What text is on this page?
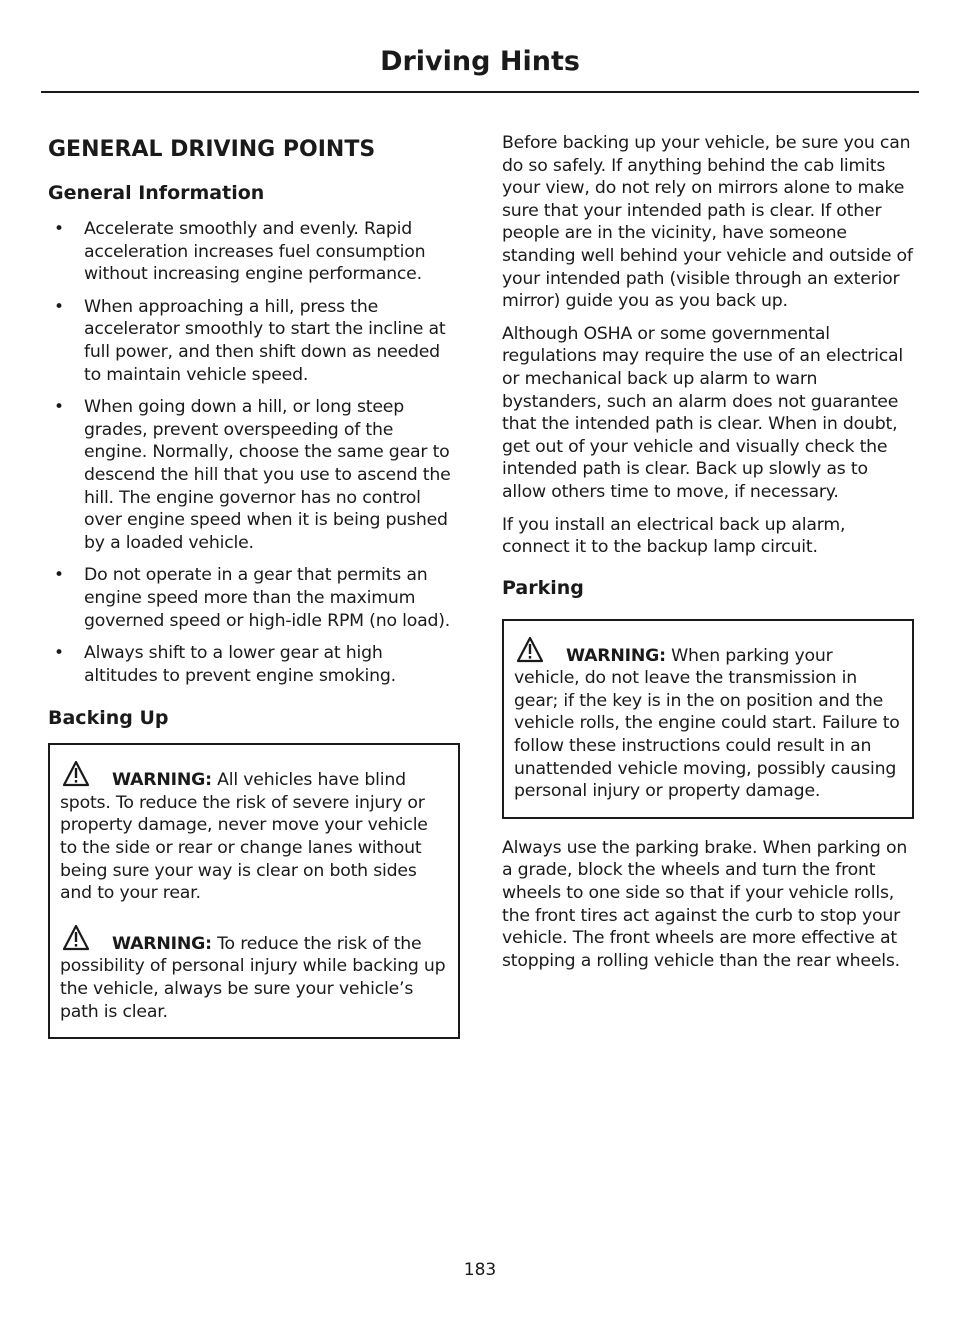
Driving Hints
GENERAL DRIVING POINTS
General Information
• Accelerate smoothly and evenly. Rapid acceleration increases fuel consumption without increasing engine performance.
• When approaching a hill, press the accelerator smoothly to start the incline at full power, and then shift down as needed to maintain vehicle speed.
• When going down a hill, or long steep grades, prevent overspeeding of the engine. Normally, choose the same gear to descend the hill that you use to ascend the hill. The engine governor has no control over engine speed when it is being pushed by a loaded vehicle.
• Do not operate in a gear that permits an engine speed more than the maximum governed speed or high-idle RPM (no load).
• Always shift to a lower gear at high altitudes to prevent engine smoking.
Backing Up

WARNING: All vehicles have blind spots. To reduce the risk of severe injury or property damage, never move your vehicle to the side or rear or change lanes without being sure your way is clear on both sides and to your rear.

WARNING: To reduce the risk of the possibility of personal injury while backing up the vehicle, always be sure your vehicle’s path is clear.

Before backing up your vehicle, be sure you can do so safely. If anything behind the cab limits your view, do not rely on mirrors alone to make sure that your intended path is clear. If other people are in the vicinity, have someone standing well behind your vehicle and outside of your intended path (visible through an exterior mirror) guide you as you back up.

Although OSHA or some governmental regulations may require the use of an electrical or mechanical back up alarm to warn bystanders, such an alarm does not guarantee that the intended path is clear. When in doubt, get out of your vehicle and visually check the intended path is clear. Back up slowly as to allow others time to move, if necessary.

If you install an electrical back up alarm, connect it to the backup lamp circuit.

Parking

WARNING: When parking your vehicle, do not leave the transmission in gear; if the key is in the on position and the vehicle rolls, the engine could start. Failure to follow these instructions could result in an unattended vehicle moving, possibly causing personal injury or property damage.

Always use the parking brake. When parking on a grade, block the wheels and turn the front wheels to one side so that if your vehicle rolls, the front tires act against the curb to stop your vehicle. The front wheels are more effective at stopping a rolling vehicle than the rear wheels.

183
